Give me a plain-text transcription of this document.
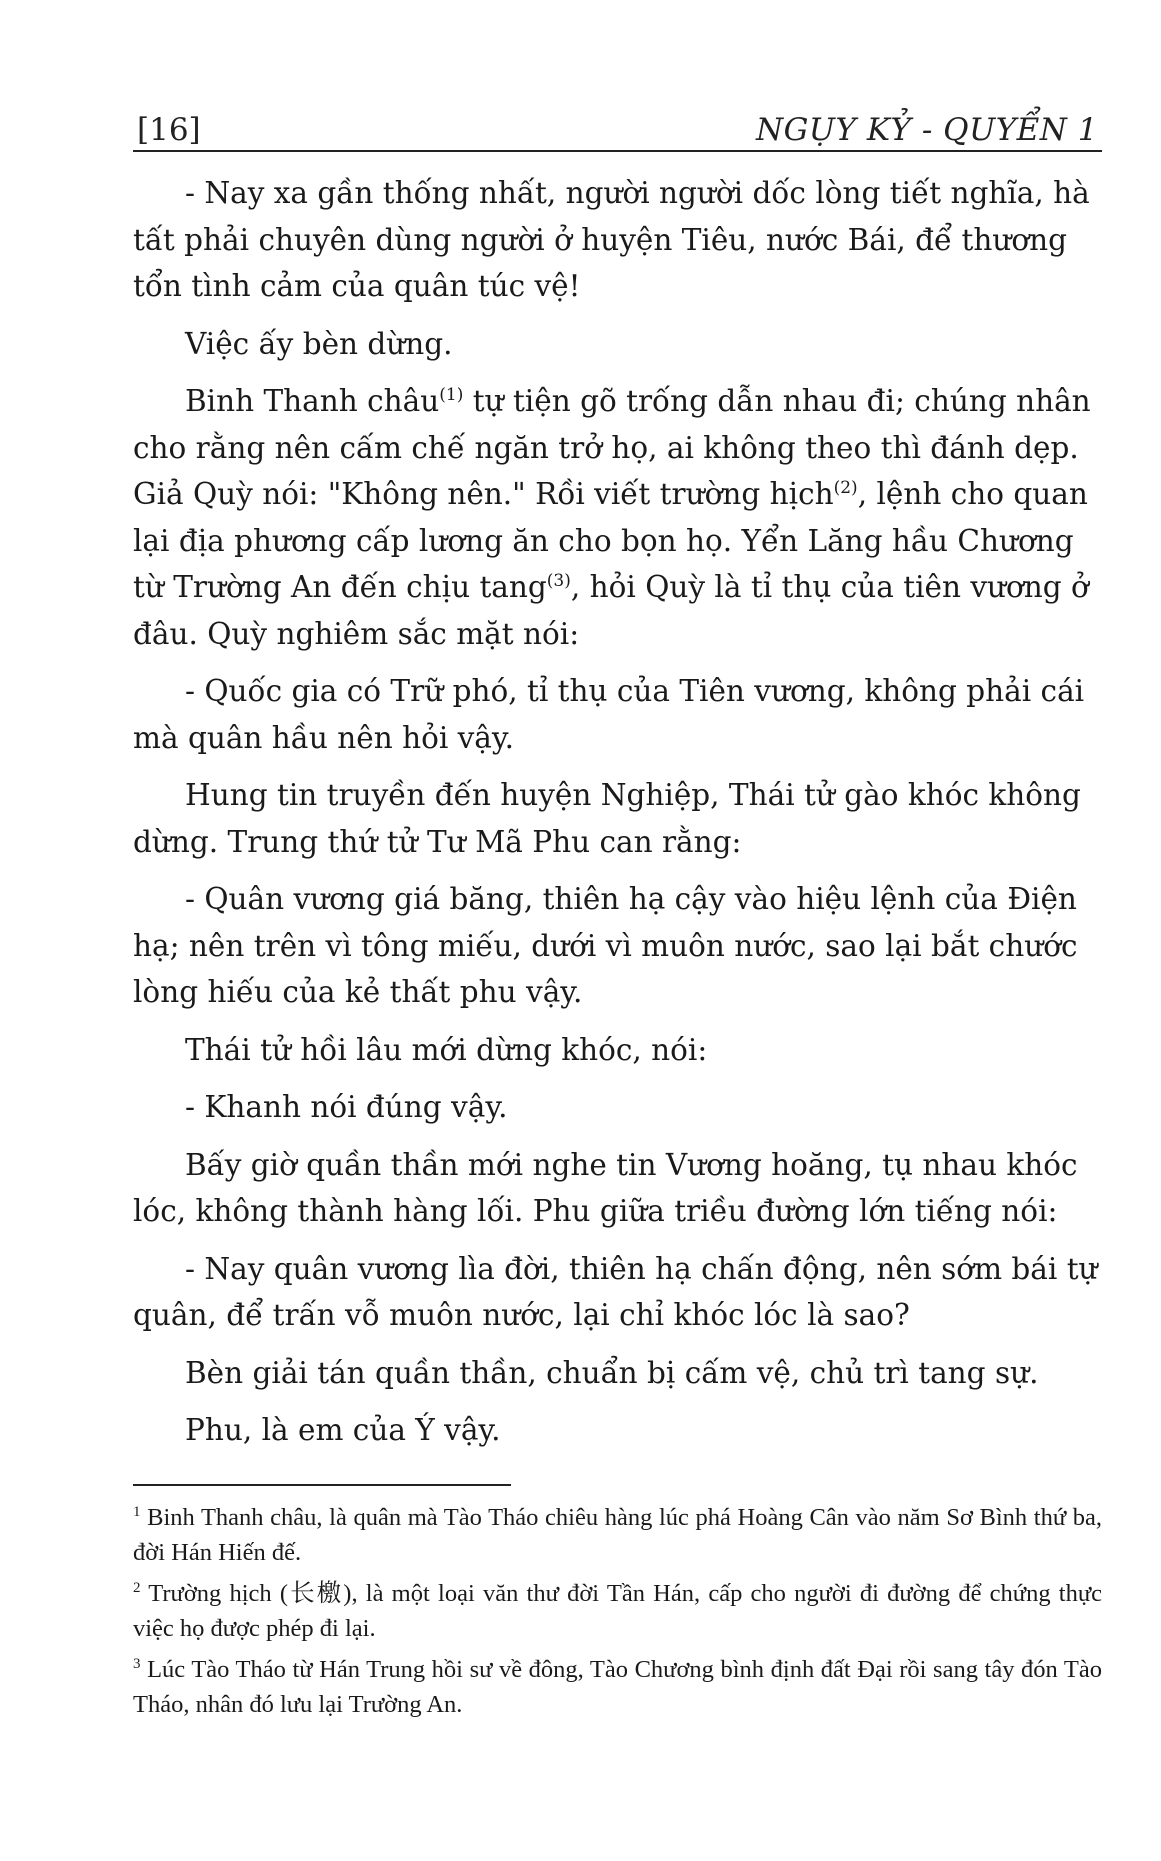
[16]	NGỤY KỶ - QUYỂN 1

- Nay xa gần thống nhất, người người dốc lòng tiết nghĩa, hà tất phải chuyên dùng người ở huyện Tiêu, nước Bái, để thương tổn tình cảm của quân túc vệ!

Việc ấy bèn dừng.

Binh Thanh châu$^{(1)}$ tự tiện gõ trống dẫn nhau đi; chúng nhân cho rằng nên cấm chế ngăn trở họ, ai không theo thì đánh dẹp. Giả Quỳ nói: "Không nên." Rồi viết trường hịch$^{(2)}$, lệnh cho quan lại địa phương cấp lương ăn cho bọn họ. Yển Lăng hầu Chương từ Trường An đến chịu tang$^{(3)}$, hỏi Quỳ là tỉ thụ của tiên vương ở đâu. Quỳ nghiêm sắc mặt nói:

- Quốc gia có Trữ phó, tỉ thụ của Tiên vương, không phải cái mà quân hầu nên hỏi vậy.

Hung tin truyền đến huyện Nghiệp, Thái tử gào khóc không dừng. Trung thứ tử Tư Mã Phu can rằng:

- Quân vương giá băng, thiên hạ cậy vào hiệu lệnh của Điện hạ; nên trên vì tông miếu, dưới vì muôn nước, sao lại bắt chước lòng hiếu của kẻ thất phu vậy.

Thái tử hồi lâu mới dừng khóc, nói:

- Khanh nói đúng vậy.

Bấy giờ quần thần mới nghe tin Vương hoăng, tụ nhau khóc lóc, không thành hàng lối. Phu giữa triều đường lớn tiếng nói:

- Nay quân vương lìa đời, thiên hạ chấn động, nên sớm bái tự quân, để trấn vỗ muôn nước, lại chỉ khóc lóc là sao?

Bèn giải tán quần thần, chuẩn bị cấm vệ, chủ trì tang sự.

Phu, là em của Ý vậy.

$^1$ Binh Thanh châu, là quân mà Tào Tháo chiêu hàng lúc phá Hoàng Cân vào năm Sơ Bình thứ ba, đời Hán Hiến đế.

$^2$ Trường hịch (长檄), là một loại văn thư đời Tần Hán, cấp cho người đi đường để chứng thực việc họ được phép đi lại.

$^3$ Lúc Tào Tháo từ Hán Trung hồi sư về đông, Tào Chương bình định đất Đại rồi sang tây đón Tào Tháo, nhân đó lưu lại Trường An.
